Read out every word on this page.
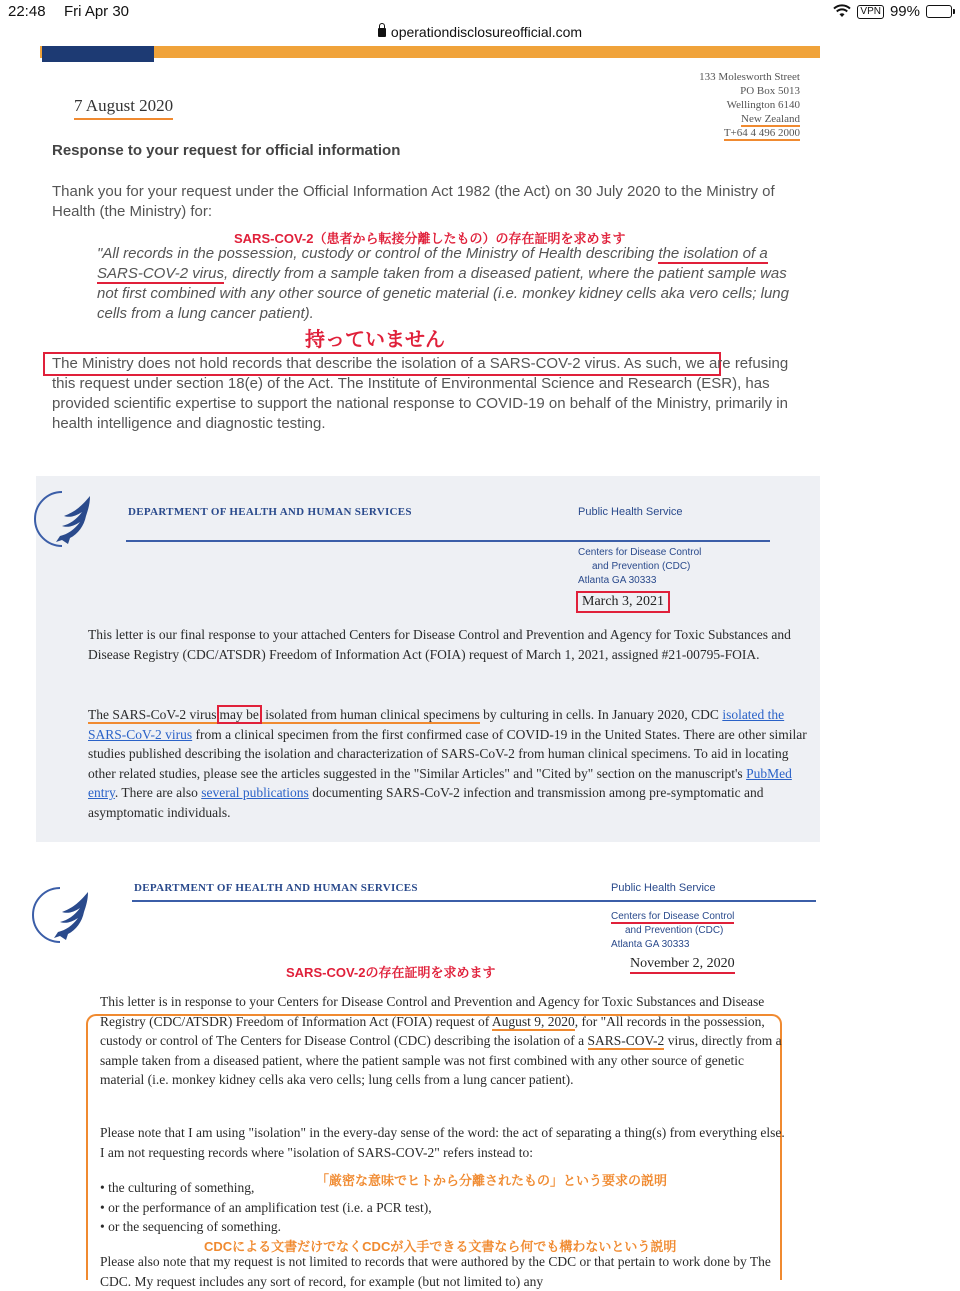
22:48 Fri Apr 30	VPN 99%
operationdisclosureofficial.com
133 Molesworth Street
PO Box 5013
Wellington 6140
New Zealand
T+64 4 496 2000
7 August 2020
Response to your request for official information
Thank you for your request under the Official Information Act 1982 (the Act) on 30 July 2020 to the Ministry of Health (the Ministry) for:
SARS-COV-2（患者から転接分離したもの）の存在証明を求めます
"All records in the possession, custody or control of the Ministry of Health describing the isolation of a SARS-COV-2 virus, directly from a sample taken from a diseased patient, where the patient sample was not first combined with any other source of genetic material (i.e. monkey kidney cells aka vero cells; lung cells from a lung cancer patient).
持っていません
The Ministry does not hold records that describe the isolation of a SARS-COV-2 virus. As such, we are refusing this request under section 18(e) of the Act. The Institute of Environmental Science and Research (ESR), has provided scientific expertise to support the national response to COVID-19 on behalf of the Ministry, primarily in health intelligence and diagnostic testing.
DEPARTMENT OF HEALTH AND HUMAN SERVICES	Public Health Service
Centers for Disease Control
and Prevention (CDC)
Atlanta GA 30333
March 3, 2021
This letter is our final response to your attached Centers for Disease Control and Prevention and Agency for Toxic Substances and Disease Registry (CDC/ATSDR) Freedom of Information Act (FOIA) request of March 1, 2021, assigned #21-00795-FOIA.
The SARS-CoV-2 virus may be isolated from human clinical specimens by culturing in cells. In January 2020, CDC isolated the SARS-CoV-2 virus from a clinical specimen from the first confirmed case of COVID-19 in the United States. There are other similar studies published describing the isolation and characterization of SARS-CoV-2 from human clinical specimens. To aid in locating other related studies, please see the articles suggested in the "Similar Articles" and "Cited by" section on the manuscript's PubMed entry. There are also several publications documenting SARS-CoV-2 infection and transmission among pre-symptomatic and asymptomatic individuals.
DEPARTMENT OF HEALTH AND HUMAN SERVICES	Public Health Service
Centers for Disease Control
and Prevention (CDC)
Atlanta GA 30333
November 2, 2020
SARS-COV-2の存在証明を求めます
This letter is in response to your Centers for Disease Control and Prevention and Agency for Toxic Substances and Disease Registry (CDC/ATSDR) Freedom of Information Act (FOIA) request of August 9, 2020, for "All records in the possession, custody or control of The Centers for Disease Control (CDC) describing the isolation of a SARS-COV-2 virus, directly from a sample taken from a diseased patient, where the patient sample was not first combined with any other source of genetic material (i.e. monkey kidney cells aka vero cells; lung cells from a lung cancer patient).
Please note that I am using "isolation" in the every-day sense of the word: the act of separating a thing(s) from everything else. I am not requesting records where "isolation of SARS-COV-2" refers instead to:
「厳密な意味でヒトから分離されたもの」という要求の説明
• the culturing of something,
• or the performance of an amplification test (i.e. a PCR test),
• or the sequencing of something.
CDCによる文書だけでなくCDCが入手できる文書なら何でも構わないという説明
Please also note that my request is not limited to records that were authored by the CDC or that pertain to work done by The CDC. My request includes any sort of record, for example (but not limited to) any
